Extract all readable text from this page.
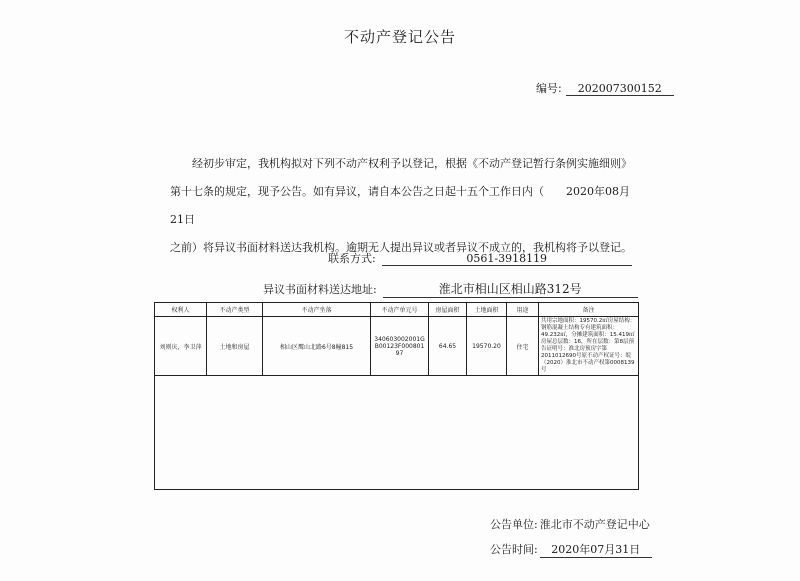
不动产登记公告
编号: 202007300152

经初步审定，我机构拟对下列不动产权利予以登记，根据《不动产登记暂行条例实施细则》

第十七条的规定，现予公告。如有异议，请自本公告之日起十五个工作日内（　　2020年08月21日

之前）将异议书面材料送达我机构。逾期无人提出异议或者异议不成立的，我机构将予以登记。

联系方式:	0561-3918119
异议书面材料送达地址:	淮北市相山区相山路312号
权利人	不动产类型	不动产坐落	不动产单元号	房屋面积	土地面积	用途	备注
刘则庆，李卫萍	土地和房屋	相山区鹰山北路6号8幢815	340603002001GB00123F00080197	64.65	19570.20	住宅	共用宗地面积：19570.2㎡房屋结构：钢筋混凝土结构专有建筑面积：49.232㎡，分摊建筑面积：15.419㎡房屋总层数：16，所在层数：第8层预告证明号：淮北房预房字第2011012690号原不动产权证号：皖（2020）淮北市不动产权第0008139号

公告单位: 淮北市不动产登记中心
公告时间: 2020年07月31日
